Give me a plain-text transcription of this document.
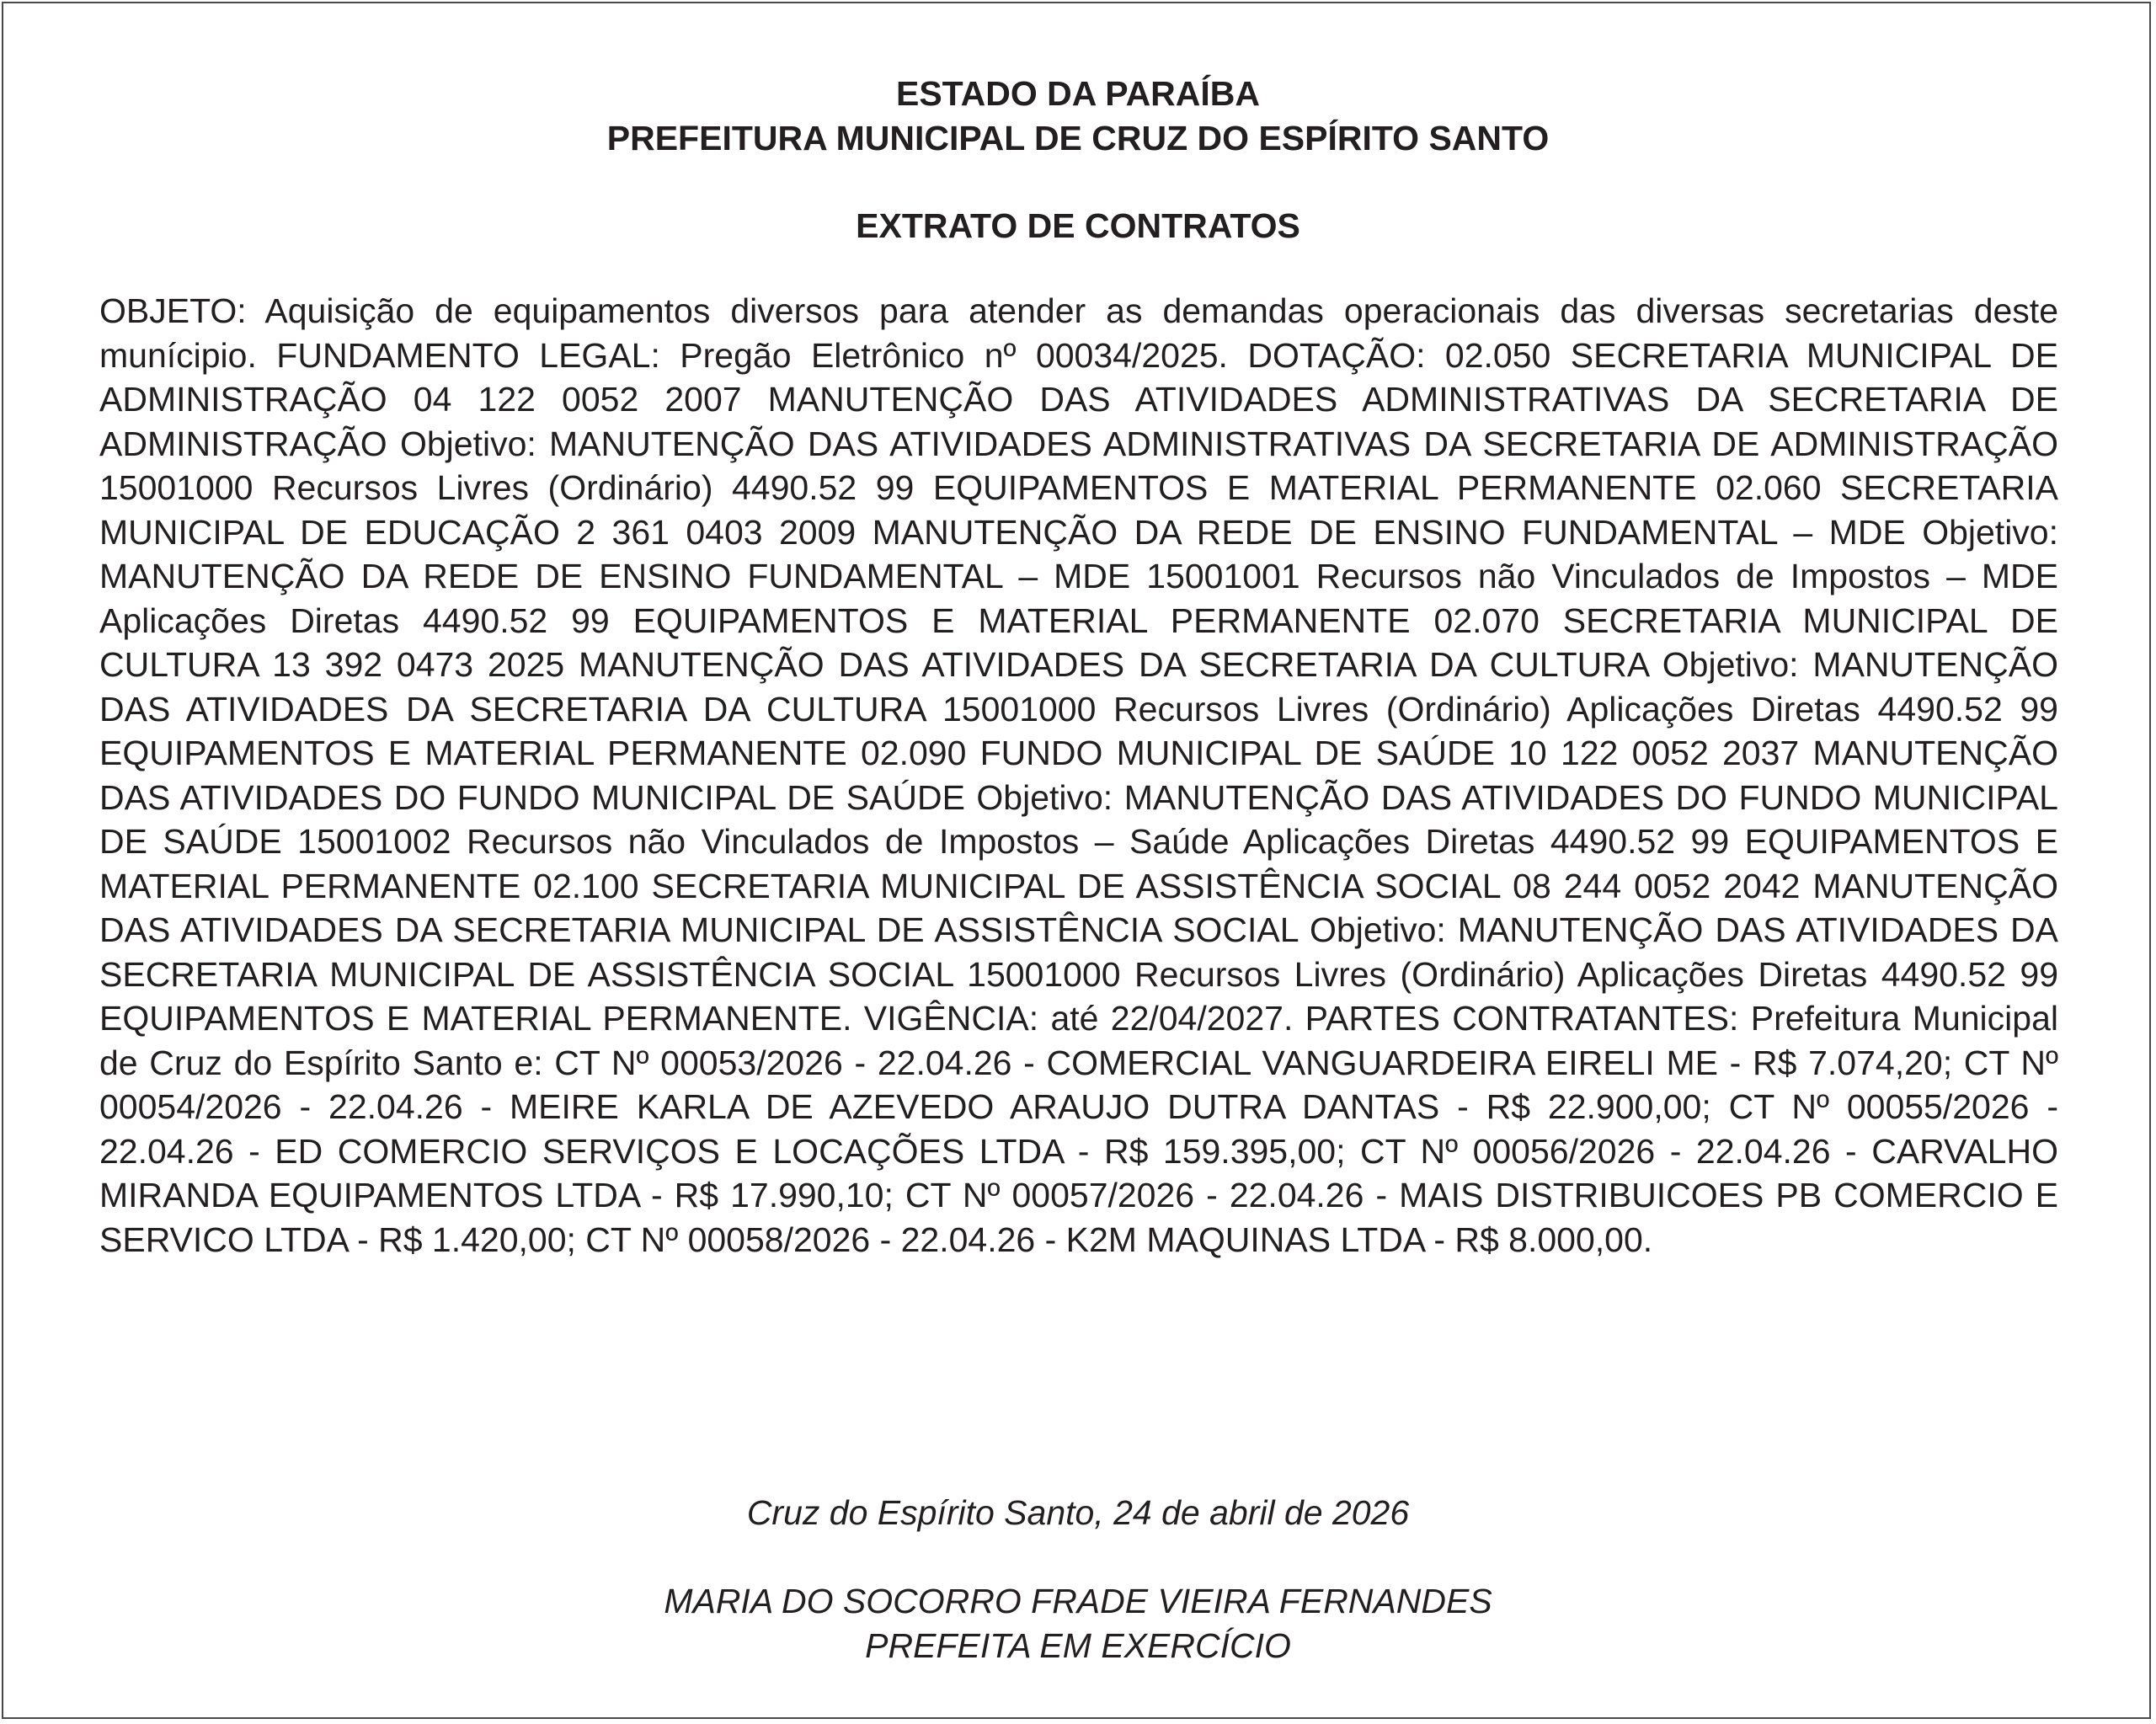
ESTADO DA PARAÍBA
PREFEITURA MUNICIPAL DE CRUZ DO ESPÍRITO SANTO
EXTRATO DE CONTRATOS

OBJETO: Aquisição de equipamentos diversos para atender as demandas operacionais das diversas secretarias deste munícipio. FUNDAMENTO LEGAL: Pregão Eletrônico nº 00034/2025. DOTAÇÃO: 02.050 SECRETARIA MUNICIPAL DE ADMINISTRAÇÃO 04 122 0052 2007 MANUTENÇÃO DAS ATIVIDADES ADMINISTRATIVAS DA SECRETARIA DE ADMINISTRAÇÃO Objetivo: MANUTENÇÃO DAS ATIVIDADES ADMINISTRATIVAS DA SECRETARIA DE ADMINISTRAÇÃO 15001000 Recursos Livres (Ordinário) 4490.52 99 EQUIPAMENTOS E MATERIAL PERMANENTE 02.060 SECRETARIA MUNICIPAL DE EDUCAÇÃO 2 361 0403 2009 MANUTENÇÃO DA REDE DE ENSINO FUNDAMENTAL – MDE Objetivo: MANUTENÇÃO DA REDE DE ENSINO FUNDAMENTAL – MDE 15001001 Recursos não Vinculados de Impostos – MDE Aplicações Diretas 4490.52 99 EQUIPAMENTOS E MATERIAL PERMANENTE 02.070 SECRETARIA MUNICIPAL DE CULTURA 13 392 0473 2025 MANUTENÇÃO DAS ATIVIDADES DA SECRETARIA DA CULTURA Objetivo: MANUTENÇÃO DAS ATIVIDADES DA SECRETARIA DA CULTURA 15001000 Recursos Livres (Ordinário) Aplicações Diretas 4490.52 99 EQUIPAMENTOS E MATERIAL PERMANENTE 02.090 FUNDO MUNICIPAL DE SAÚDE 10 122 0052 2037 MANUTENÇÃO DAS ATIVIDADES DO FUNDO MUNICIPAL DE SAÚDE Objetivo: MANUTENÇÃO DAS ATIVIDADES DO FUNDO MUNICIPAL DE SAÚDE 15001002 Recursos não Vinculados de Impostos – Saúde Aplicações Diretas 4490.52 99 EQUIPAMENTOS E MATERIAL PERMANENTE 02.100 SECRETARIA MUNICIPAL DE ASSISTÊNCIA SOCIAL 08 244 0052 2042 MANUTENÇÃO DAS ATIVIDADES DA SECRETARIA MUNICIPAL DE ASSISTÊNCIA SOCIAL Objetivo: MANUTENÇÃO DAS ATIVIDADES DA SECRETARIA MUNICIPAL DE ASSISTÊNCIA SOCIAL 15001000 Recursos Livres (Ordinário) Aplicações Diretas 4490.52 99 EQUIPAMENTOS E MATERIAL PERMANENTE. VIGÊNCIA: até 22/04/2027. PARTES CONTRATANTES: Prefeitura Municipal de Cruz do Espírito Santo e: CT Nº 00053/2026 - 22.04.26 - COMERCIAL VANGUARDEIRA EIRELI ME - R$ 7.074,20; CT Nº 00054/2026 - 22.04.26 - MEIRE KARLA DE AZEVEDO ARAUJO DUTRA DANTAS - R$ 22.900,00; CT Nº 00055/2026 - 22.04.26 - ED COMERCIO SERVIÇOS E LOCAÇÕES LTDA - R$ 159.395,00; CT Nº 00056/2026 - 22.04.26 - CARVALHO MIRANDA EQUIPAMENTOS LTDA - R$ 17.990,10; CT Nº 00057/2026 - 22.04.26 - MAIS DISTRIBUICOES PB COMERCIO E SERVICO LTDA - R$ 1.420,00; CT Nº 00058/2026 - 22.04.26 - K2M MAQUINAS LTDA - R$ 8.000,00.

Cruz do Espírito Santo, 24 de abril de 2026
MARIA DO SOCORRO FRADE VIEIRA FERNANDES
PREFEITA EM EXERCÍCIO
